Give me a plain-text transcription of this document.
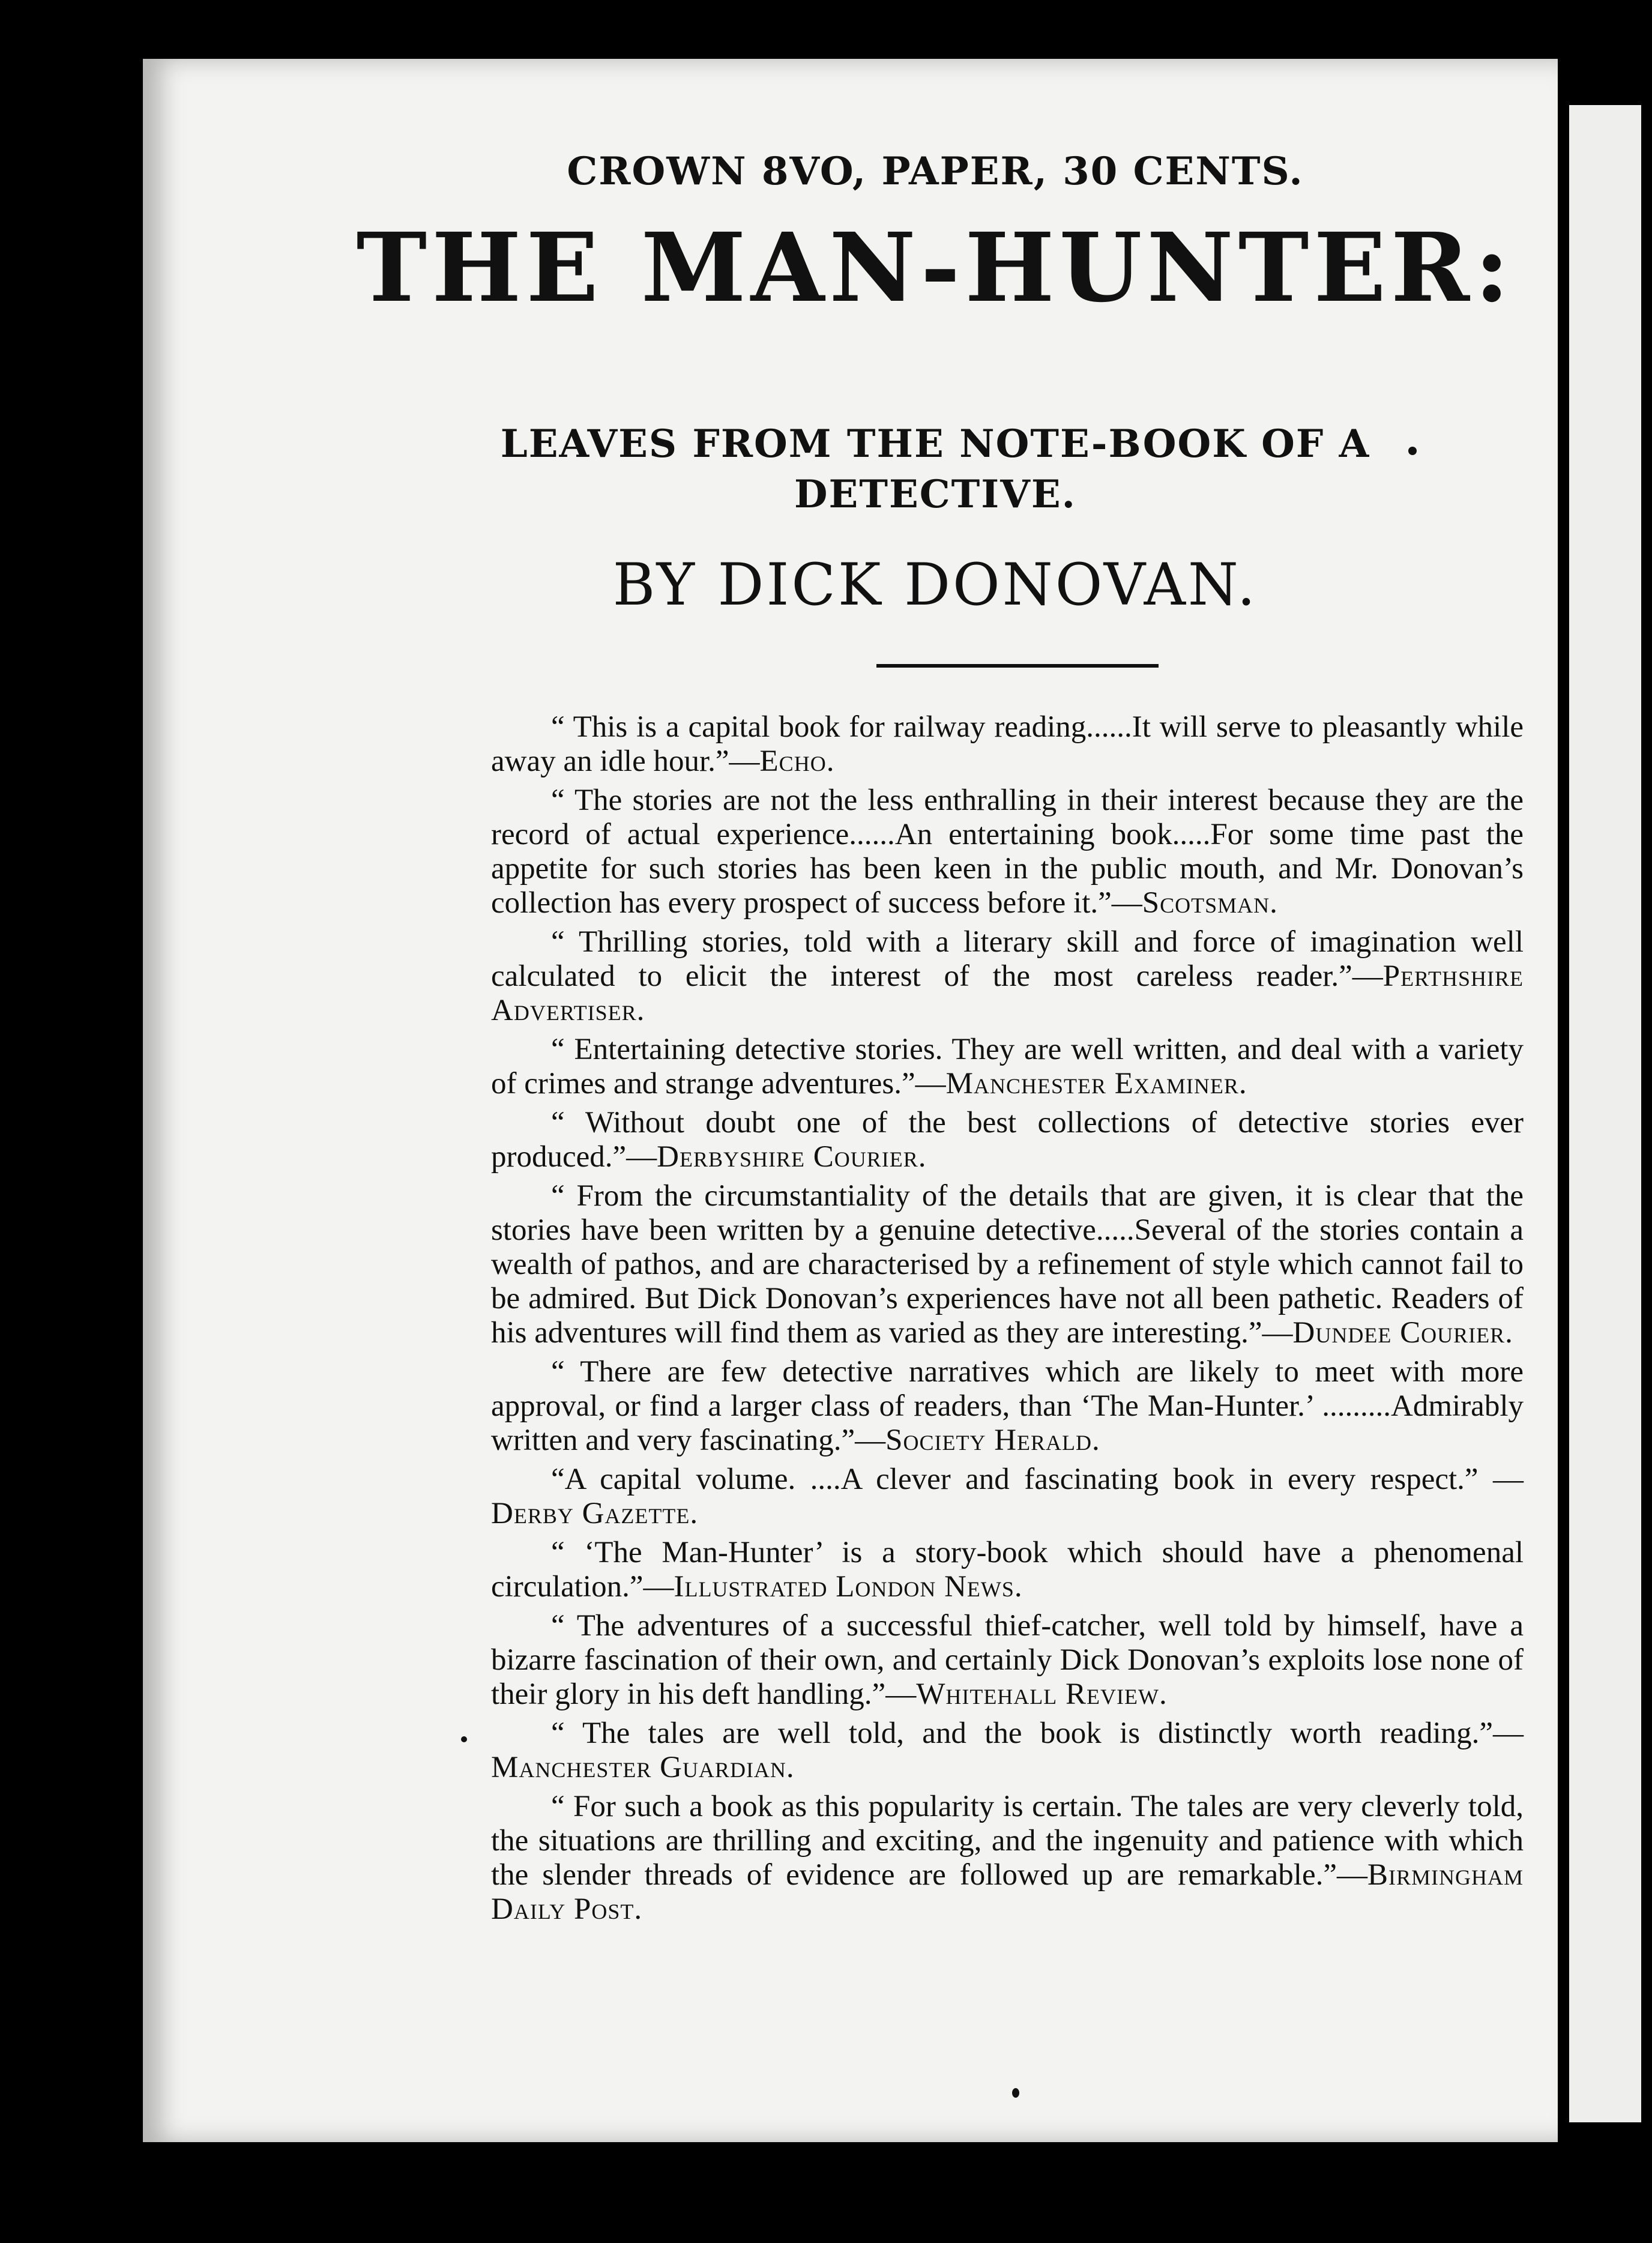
CROWN 8VO, PAPER, 30 CENTS.
THE MAN-HUNTER:
LEAVES FROM THE NOTE-BOOK OF A DETECTIVE.
BY DICK DONOVAN.

“ This is a capital book for railway reading......It will serve to pleasantly while away an idle hour.”—Echo.

“ The stories are not the less enthralling in their interest because they are the record of actual experience......An entertaining book.....For some time past the appetite for such stories has been keen in the public mouth, and Mr. Donovan’s collection has every prospect of success before it.”—Scotsman.

“ Thrilling stories, told with a literary skill and force of imagination well calculated to elicit the interest of the most careless reader.”—Perthshire Advertiser.

“ Entertaining detective stories. They are well written, and deal with a variety of crimes and strange adventures.”—Manchester Examiner.

“ Without doubt one of the best collections of detective stories ever produced.”—Derbyshire Courier.

“ From the circumstantiality of the details that are given, it is clear that the stories have been written by a genuine detective.....Several of the stories contain a wealth of pathos, and are characterised by a refinement of style which cannot fail to be admired. But Dick Donovan’s experiences have not all been pathetic. Readers of his adventures will find them as varied as they are interesting.”—Dundee Courier.

“ There are few detective narratives which are likely to meet with more approval, or find a larger class of readers, than ‘The Man-Hunter.’ .........Admirably written and very fascinating.”—Society Herald.

“A capital volume. ....A clever and fascinating book in every respect.” —Derby Gazette.

“ ‘The Man-Hunter’ is a story-book which should have a phenomenal circulation.”—Illustrated London News.

“ The adventures of a successful thief-catcher, well told by himself, have a bizarre fascination of their own, and certainly Dick Donovan’s exploits lose none of their glory in his deft handling.”—Whitehall Review.

“ The tales are well told, and the book is distinctly worth reading.”—Manchester Guardian.

“ For such a book as this popularity is certain. The tales are very cleverly told, the situations are thrilling and exciting, and the ingenuity and patience with which the slender threads of evidence are followed up are remarkable.”—Birmingham Daily Post.
